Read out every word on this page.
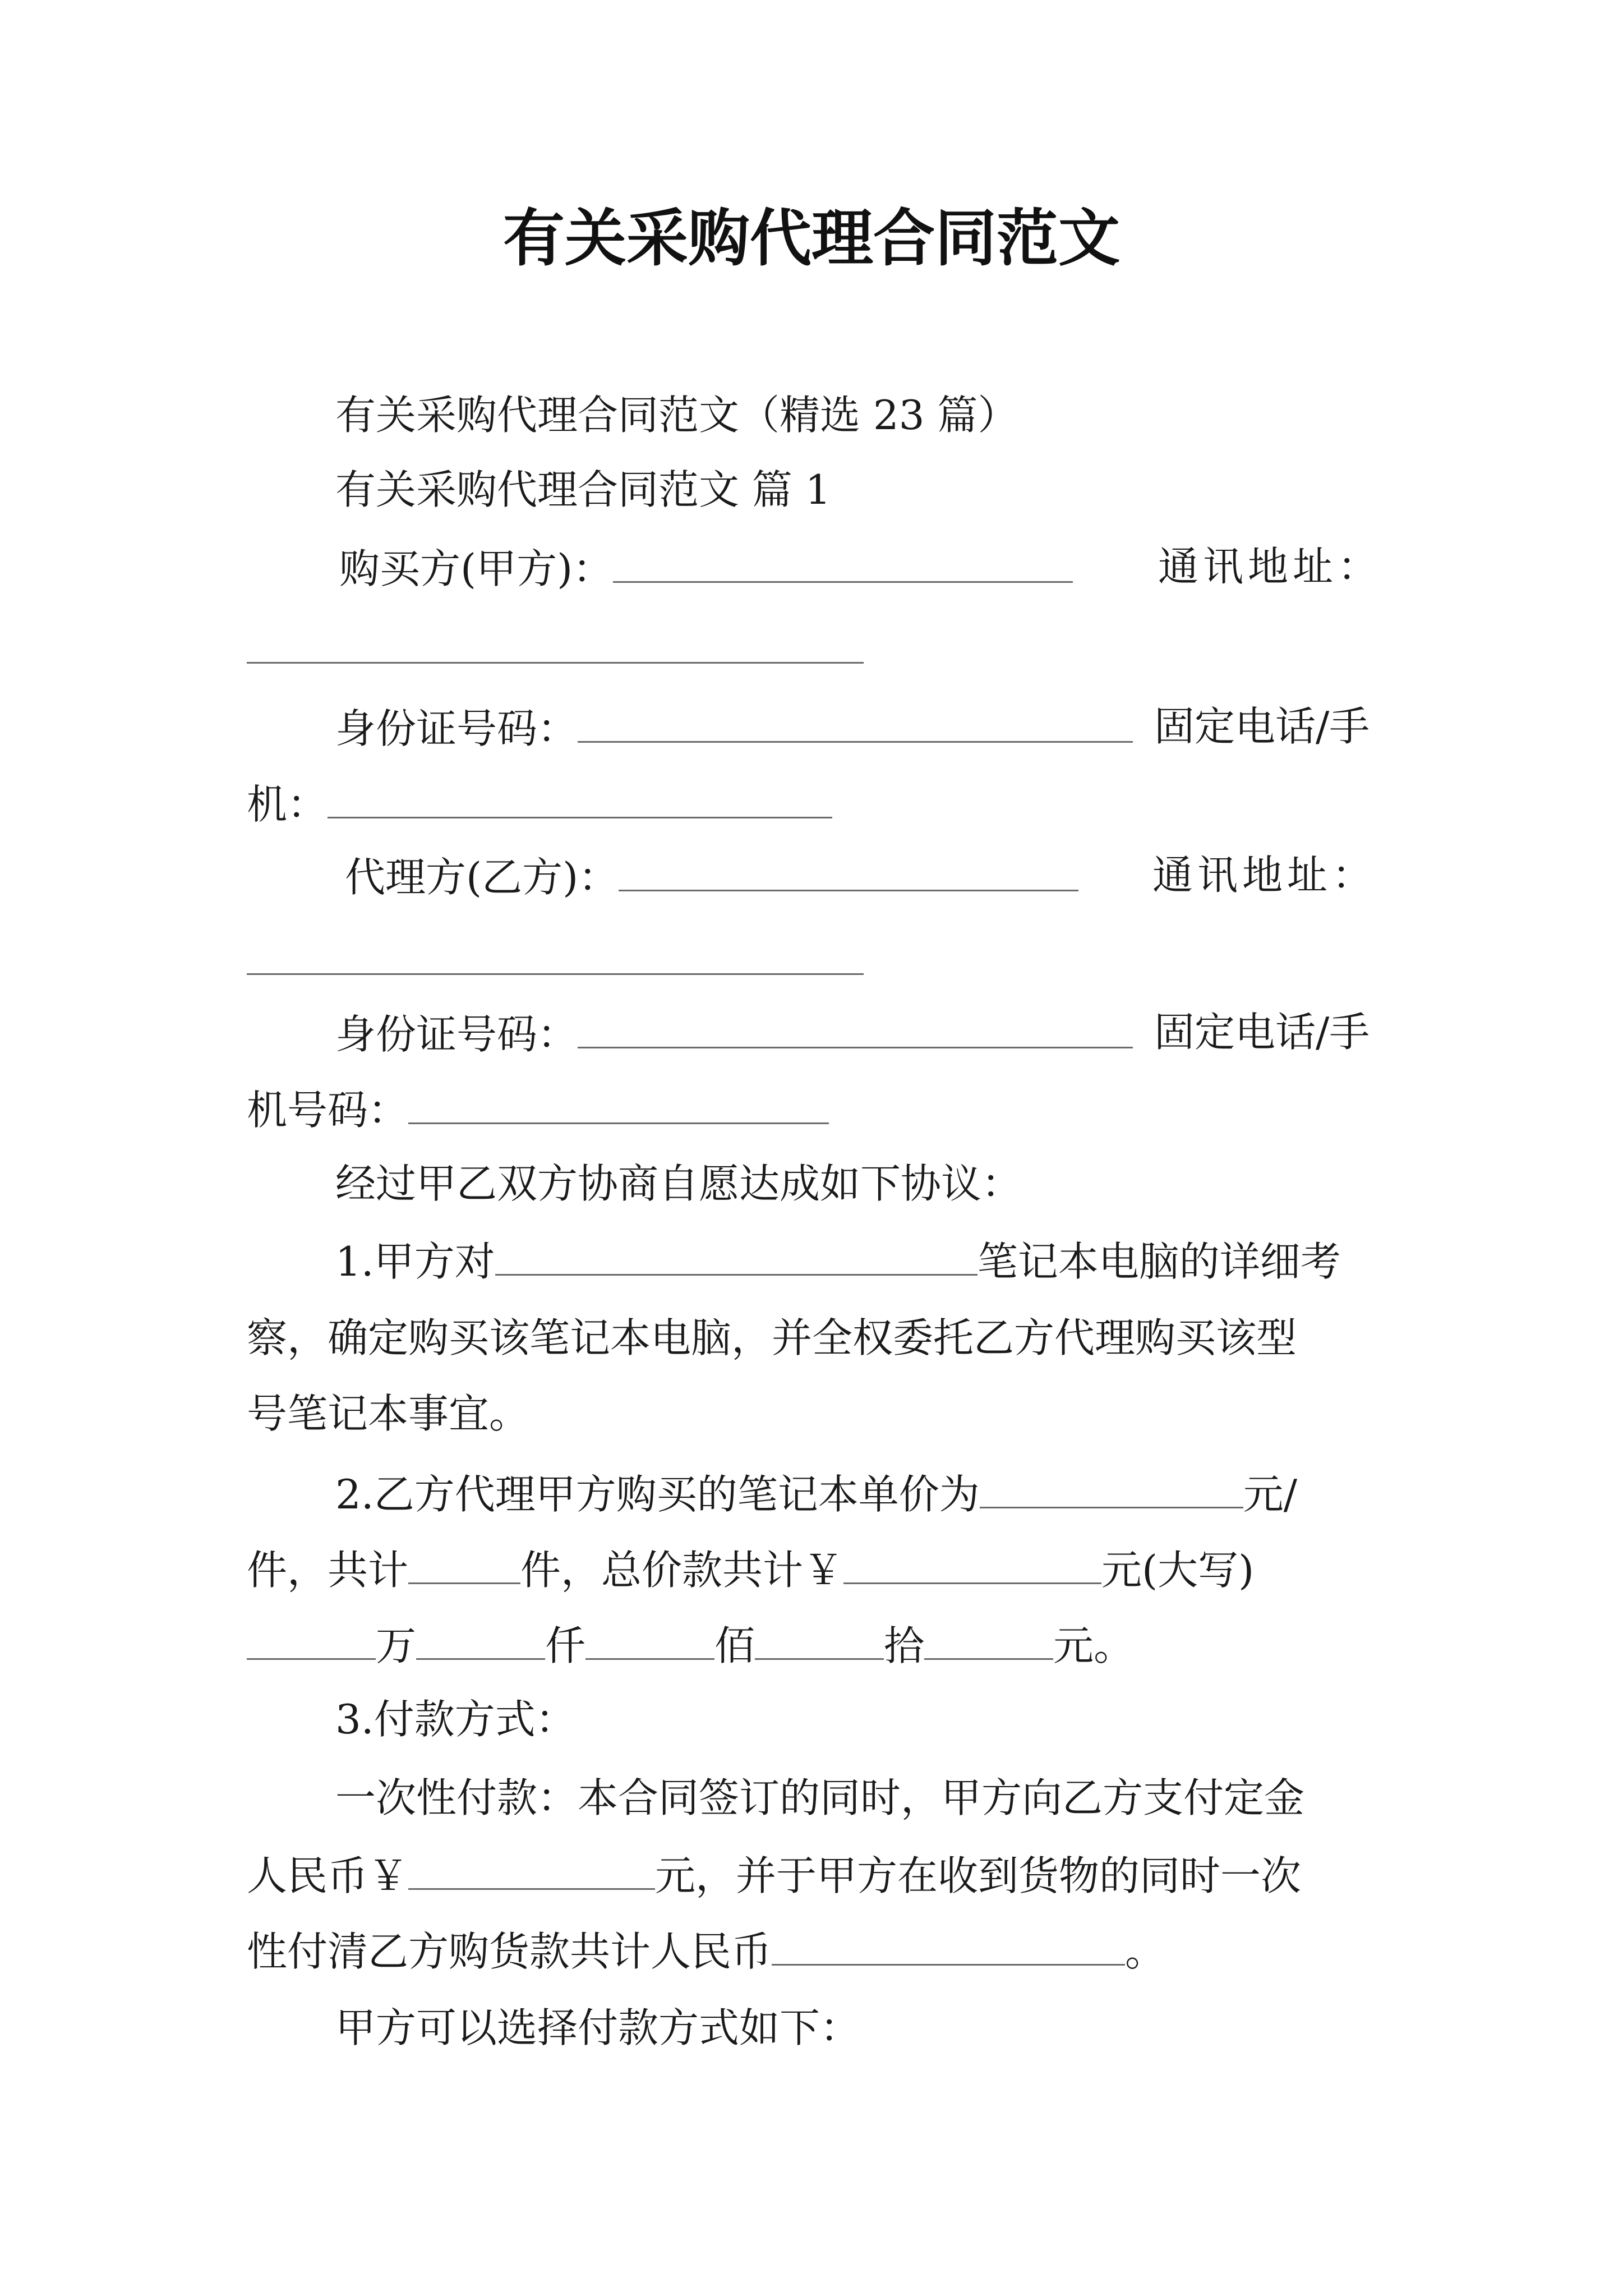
有关采购代理合同范文
有关采购代理合同范文（精选 23 篇）
有关采购代理合同范文 篇 1
购买方(甲方)：	通讯地址：
身份证号码：	固定电话/手
机：
代理方(乙方)：	通讯地址：
身份证号码：	固定电话/手
机号码：
经过甲乙双方协商自愿达成如下协议：
1.甲方对	笔记本电脑的详细考
察，确定购买该笔记本电脑，并全权委托乙方代理购买该型
号笔记本事宜。
2.乙方代理甲方购买的笔记本单价为	元/
件，共计	件，总价款共计￥	元(大写)
万	仟	佰	拾	元。
3.付款方式：
一次性付款：本合同签订的同时，甲方向乙方支付定金
人民币￥	元，并于甲方在收到货物的同时一次
性付清乙方购货款共计人民币	。
甲方可以选择付款方式如下：
